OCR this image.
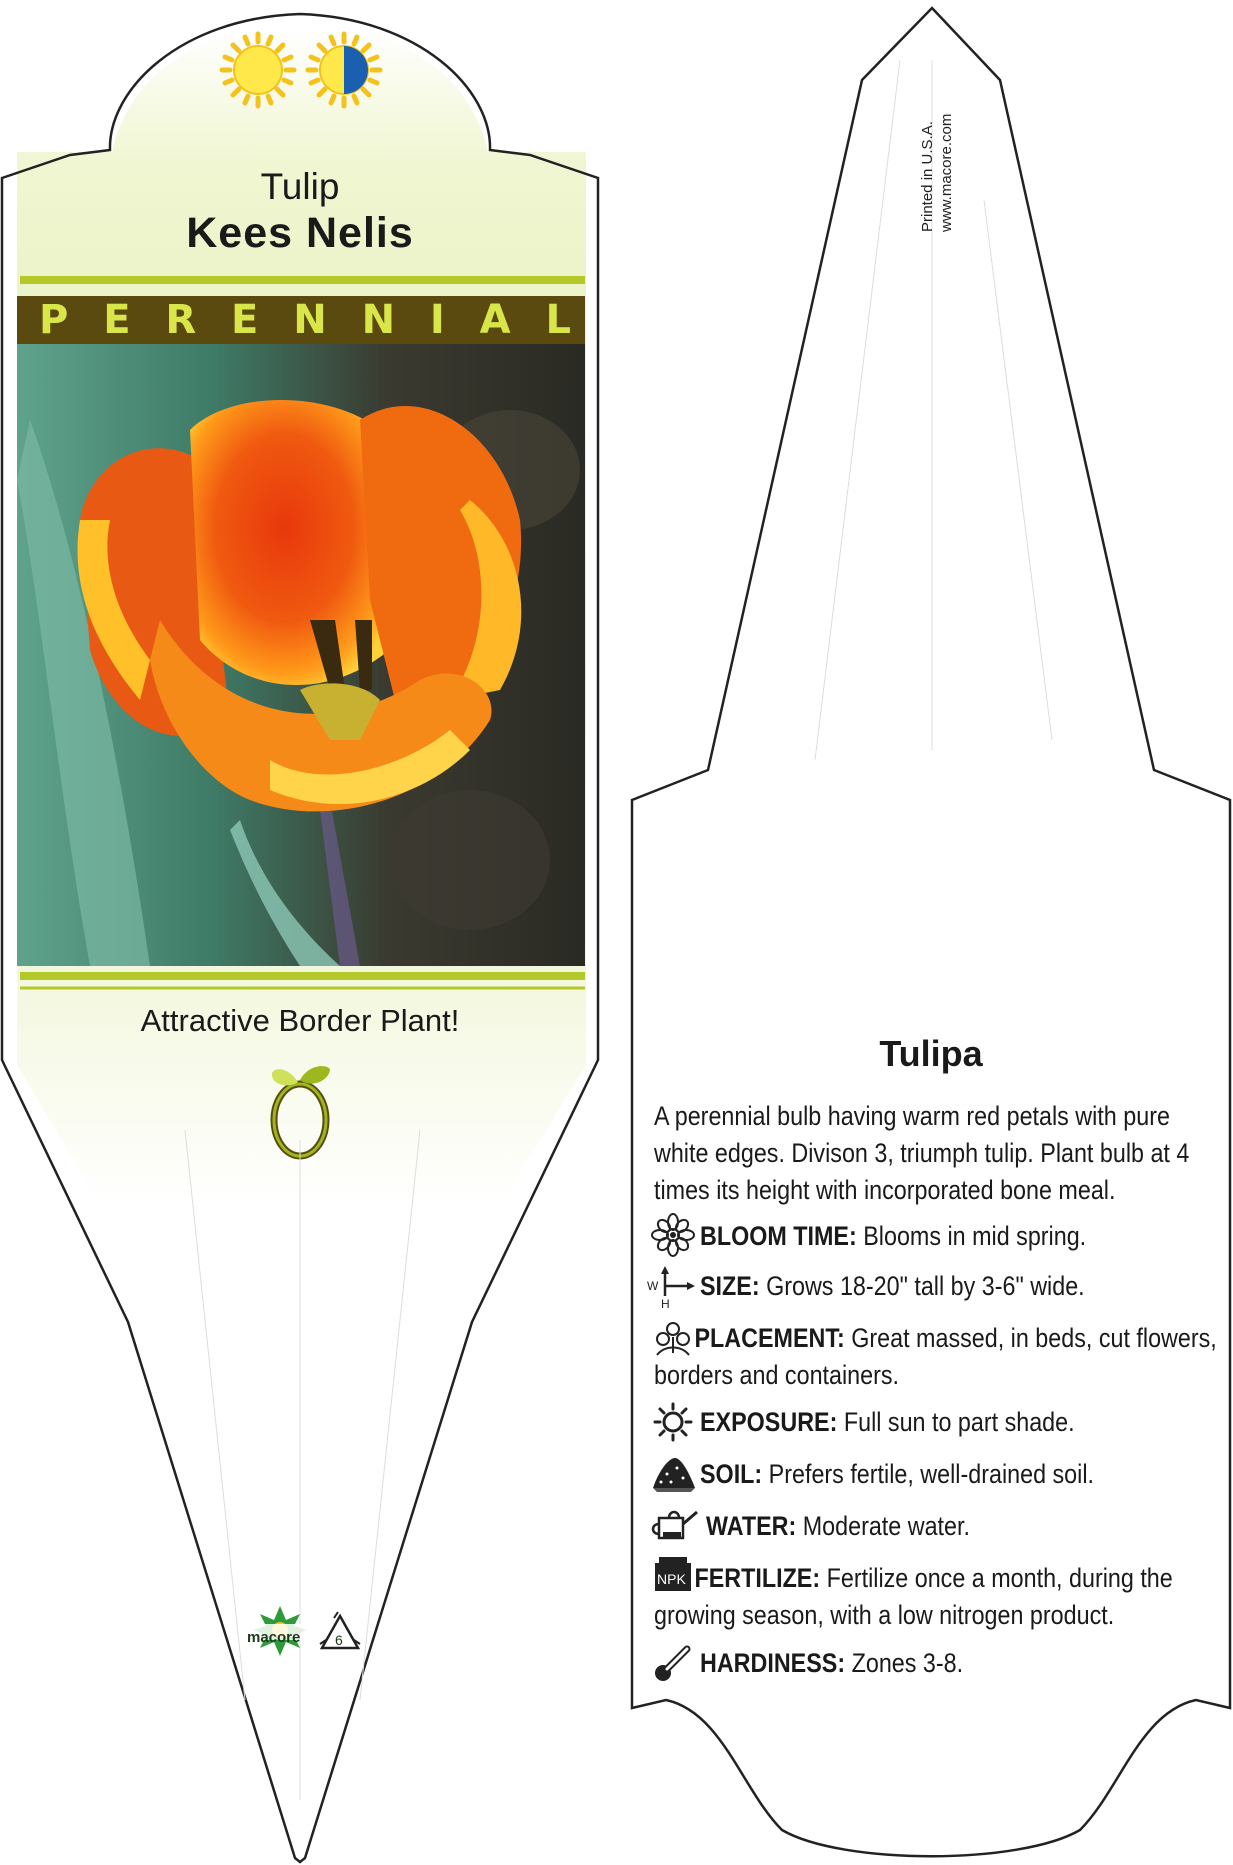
W
H
NPK
Tulip
Kees Nelis
P E R E N N I A L
Attractive Border Plant!
macore 6
Printed in U.S.A. www.macore.com
Tulipa
A perennial bulb having warm red petals with pure white edges. Divison 3, triumph tulip. Plant bulb at 4 times its height with incorporated bone meal.
BLOOM TIME: Blooms in mid spring.
SIZE: Grows 18-20" tall by 3-6" wide.
PLACEMENT: Great massed, in beds, cut flowers, borders and containers.
EXPOSURE: Full sun to part shade.
SOIL: Prefers fertile, well-drained soil.
WATER: Moderate water.
FERTILIZE: Fertilize once a month, during the growing season, with a low nitrogen product.
HARDINESS: Zones 3-8.
